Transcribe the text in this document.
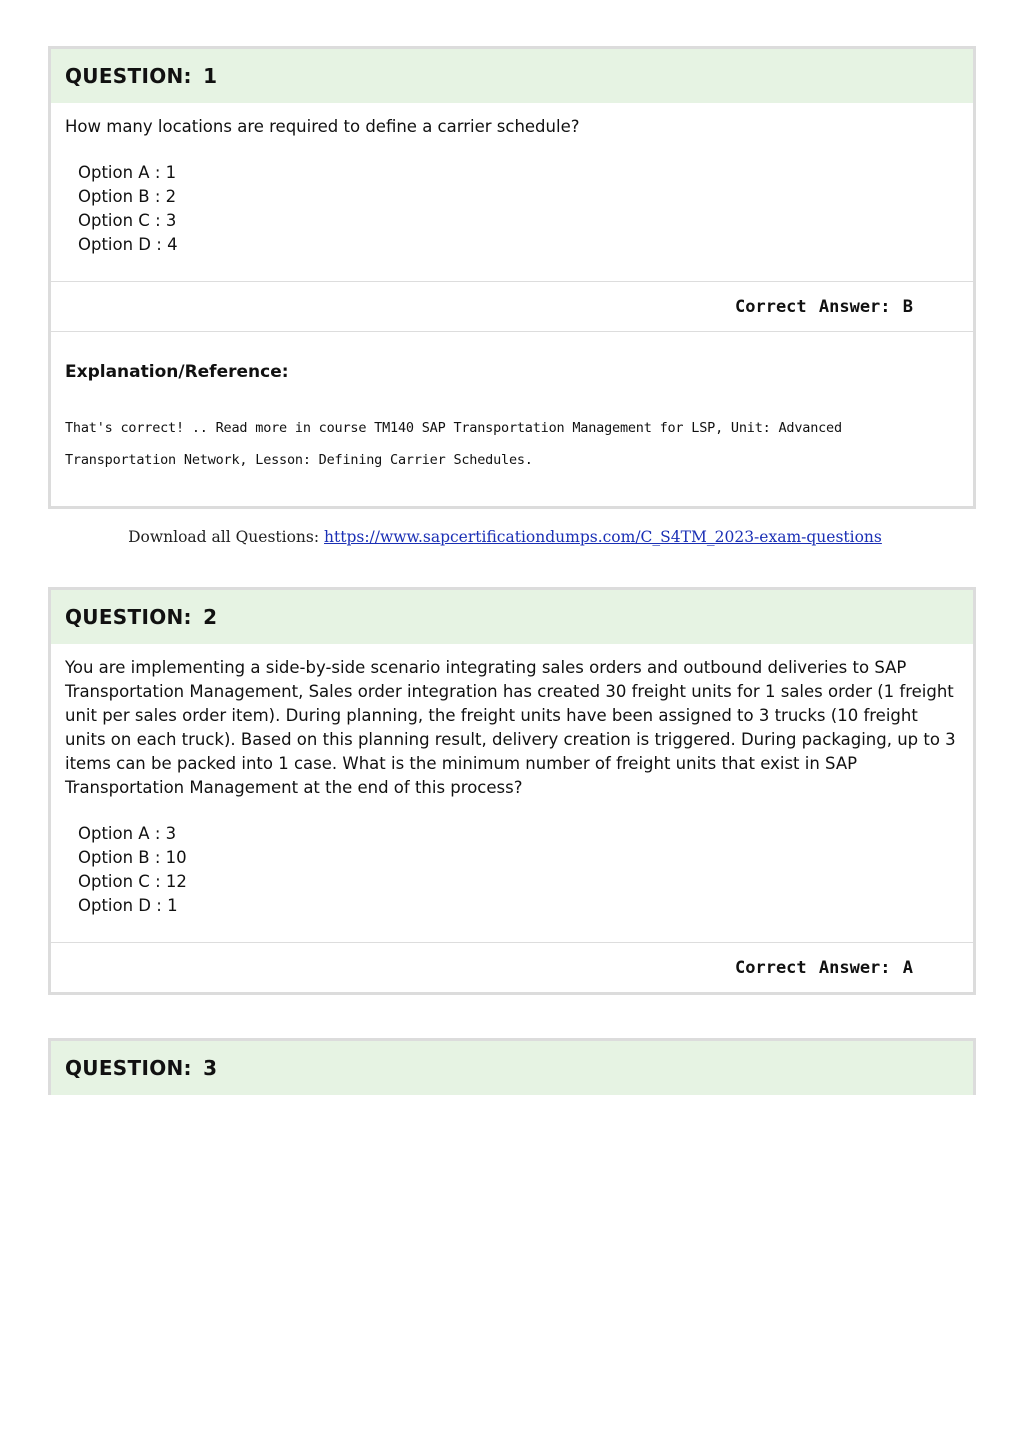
QUESTION: 1

How many locations are required to define a carrier schedule?

Option A : 1
Option B : 2
Option C : 3
Option D : 4
Correct Answer: B

Explanation/Reference:

That's correct! .. Read more in course TM140 SAP Transportation Management for LSP, Unit: Advanced Transportation Network, Lesson: Defining Carrier Schedules.

Download all Questions: https://www.sapcertificationdumps.com/C_S4TM_2023-exam-questions
QUESTION: 2

You are implementing a side-by-side scenario integrating sales orders and outbound deliveries to SAP Transportation Management, Sales order integration has created 30 freight units for 1 sales order (1 freight unit per sales order item). During planning, the freight units have been assigned to 3 trucks (10 freight units on each truck). Based on this planning result, delivery creation is triggered. During packaging, up to 3 items can be packed into 1 case. What is the minimum number of freight units that exist in SAP Transportation Management at the end of this process?

Option A : 3
Option B : 10
Option C : 12
Option D : 1
Correct Answer: A
QUESTION: 3
